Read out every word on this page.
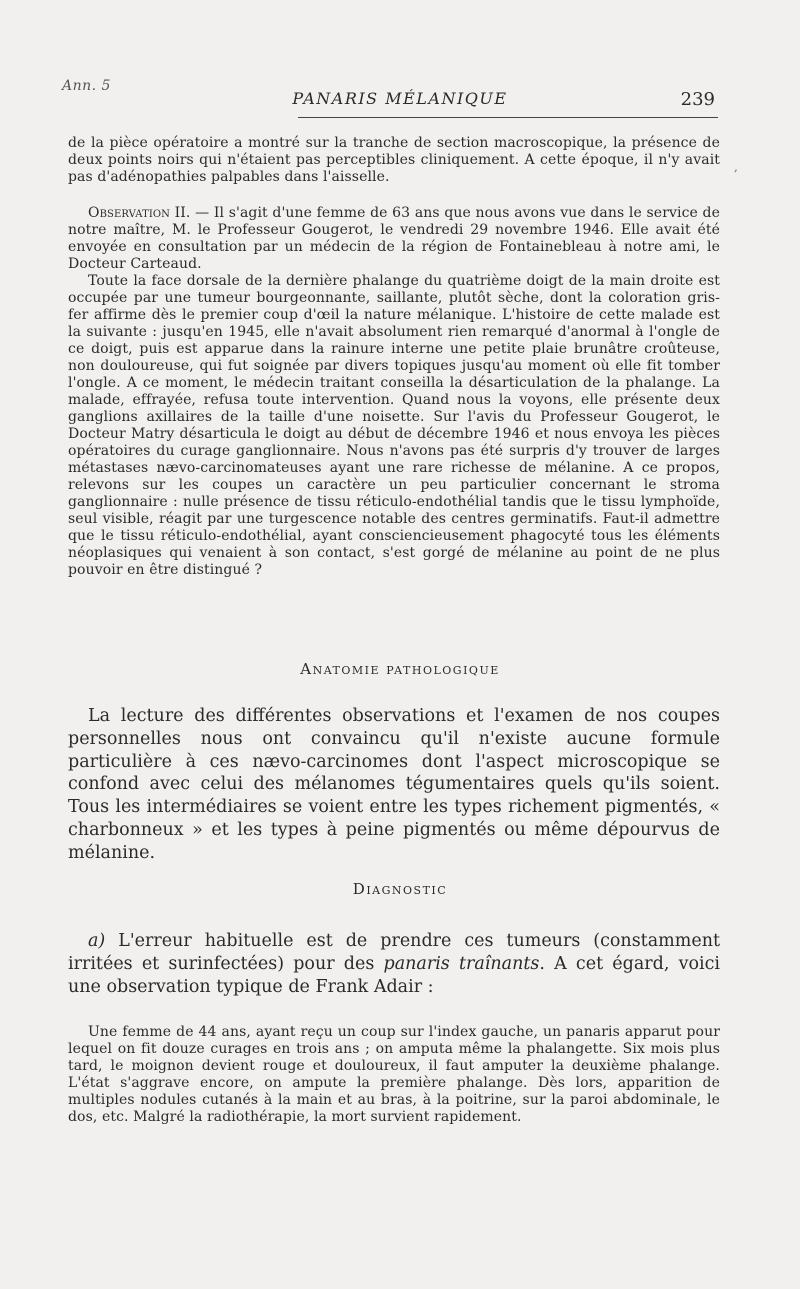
Ann. 5
PANARIS MÉLANIQUE	239

de la pièce opératoire a montré sur la tranche de section macroscopique, la présence de deux points noirs qui n'étaient pas perceptibles cliniquement. A cette époque, il n'y avait pas d'adénopathies palpables dans l'aisselle.

Observation II. — Il s'agit d'une femme de 63 ans que nous avons vue dans le service de notre maître, M. le Professeur Gougerot, le vendredi 29 novembre 1946. Elle avait été envoyée en consultation par un médecin de la région de Fontainebleau à notre ami, le Docteur Carteaud.

Toute la face dorsale de la dernière phalange du quatrième doigt de la main droite est occupée par une tumeur bourgeonnante, saillante, plutôt sèche, dont la coloration gris-fer affirme dès le premier coup d'œil la nature mélanique. L'histoire de cette malade est la suivante : jusqu'en 1945, elle n'avait absolument rien remarqué d'anormal à l'ongle de ce doigt, puis est apparue dans la rainure interne une petite plaie brunâtre croûteuse, non douloureuse, qui fut soignée par divers topiques jusqu'au moment où elle fit tomber l'ongle. A ce moment, le médecin traitant conseilla la désarticulation de la phalange. La malade, effrayée, refusa toute intervention. Quand nous la voyons, elle présente deux ganglions axillaires de la taille d'une noisette. Sur l'avis du Professeur Gougerot, le Docteur Matry désarticula le doigt au début de décembre 1946 et nous envoya les pièces opératoires du curage ganglionnaire. Nous n'avons pas été surpris d'y trouver de larges métastases nævo-carcinomateuses ayant une rare richesse de mélanine. A ce propos, relevons sur les coupes un caractère un peu particulier concernant le stroma ganglionnaire : nulle présence de tissu réticulo-endothélial tandis que le tissu lymphoïde, seul visible, réagit par une turgescence notable des centres germinatifs. Faut-il admettre que le tissu réticulo-endothélial, ayant consciencieusement phagocyté tous les éléments néoplasiques qui venaient à son contact, s'est gorgé de mélanine au point de ne plus pouvoir en être distingué ?

Anatomie pathologique

La lecture des différentes observations et l'examen de nos coupes personnelles nous ont convaincu qu'il n'existe aucune formule particulière à ces nævo-carcinomes dont l'aspect microscopique se confond avec celui des mélanomes tégumentaires quels qu'ils soient. Tous les intermédiaires se voient entre les types richement pigmentés, « charbonneux » et les types à peine pigmentés ou même dépourvus de mélanine.

Diagnostic

a) L'erreur habituelle est de prendre ces tumeurs (constamment irritées et surinfectées) pour des panaris traînants. A cet égard, voici une observation typique de Frank Adair :

Une femme de 44 ans, ayant reçu un coup sur l'index gauche, un panaris apparut pour lequel on fit douze curages en trois ans ; on amputa même la phalangette. Six mois plus tard, le moignon devient rouge et douloureux, il faut amputer la deuxième phalange. L'état s'aggrave encore, on ampute la première phalange. Dès lors, apparition de multiples nodules cutanés à la main et au bras, à la poitrine, sur la paroi abdominale, le dos, etc. Malgré la radiothérapie, la mort survient rapidement.

,
